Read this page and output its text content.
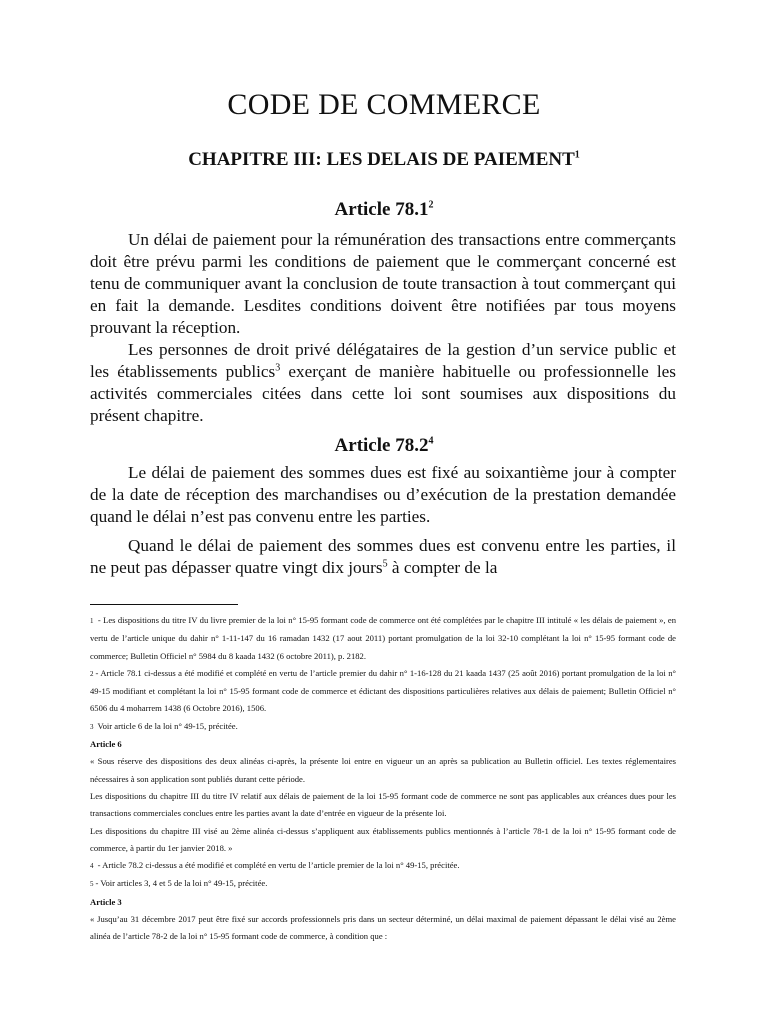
CODE DE COMMERCE
CHAPITRE III: LES DELAIS DE PAIEMENT$^1$
Article 78.1$^2$

Un délai de paiement pour la rémunération des transactions entre commerçants doit être prévu parmi les conditions de paiement que le commerçant concerné est tenu de communiquer avant la conclusion de toute transaction à tout commerçant qui en fait la demande. Lesdites conditions doivent être notifiées par tous moyens prouvant la réception.

Les personnes de droit privé délégataires de la gestion d’un service public et les établissements publics$^3$ exerçant de manière habituelle ou professionnelle les activités commerciales citées dans cette loi sont soumises aux dispositions du présent chapitre.

Article 78.2$^4$

Le délai de paiement des sommes dues est fixé au soixantième jour à compter de la date de réception des marchandises ou d’exécution de la prestation demandée quand le délai n’est pas convenu entre les parties.

Quand le délai de paiement des sommes dues est convenu entre les parties, il ne peut pas dépasser quatre vingt dix jours$^5$ à compter de la

1 - Les dispositions du titre IV du livre premier de la loi n° 15-95 formant code de commerce ont été complétées par le chapitre III intitulé « les délais de paiement », en vertu de l’article unique du dahir n° 1-11-147 du 16 ramadan 1432 (17 aout 2011) portant promulgation de la loi 32-10 complétant la loi n° 15-95 formant code de commerce; Bulletin Officiel n° 5984 du 8 kaada 1432 (6 octobre 2011), p. 2182.

2 - Article 78.1 ci-dessus a été modifié et complété en vertu de l’article premier du dahir n° 1-16-128 du 21 kaada 1437 (25 août 2016) portant promulgation de la loi n° 49-15 modifiant et complétant la loi n° 15-95 formant code de commerce et édictant des dispositions particulières relatives aux délais de paiement; Bulletin Officiel n° 6506 du 4 moharrem 1438 (6 Octobre 2016), 1506.

3 Voir article 6 de la loi n° 49-15, précitée.

Article 6

« Sous réserve des dispositions des deux alinéas ci-après, la présente loi entre en vigueur un an après sa publication au Bulletin officiel. Les textes réglementaires nécessaires à son application sont publiés durant cette période.

Les dispositions du chapitre III du titre IV relatif aux délais de paiement de la loi 15-95 formant code de commerce ne sont pas applicables aux créances dues pour les transactions commerciales conclues entre les parties avant la date d’entrée en vigueur de la présente loi.

Les dispositions du chapitre III visé au 2ème alinéa ci-dessus s’appliquent aux établissements publics mentionnés à l’article 78-1 de la loi n° 15-95 formant code de commerce, à partir du 1er janvier 2018. »

4 - Article 78.2 ci-dessus a été modifié et complété en vertu de l’article premier de la loi n° 49-15, précitée.

5 - Voir articles 3, 4 et 5 de la loi n° 49-15, précitée.

Article 3

« Jusqu’au 31 décembre 2017 peut être fixé sur accords professionnels pris dans un secteur déterminé, un délai maximal de paiement dépassant le délai visé au 2ème alinéa de l’article 78-2 de la loi n° 15-95 formant code de commerce, à condition que :
